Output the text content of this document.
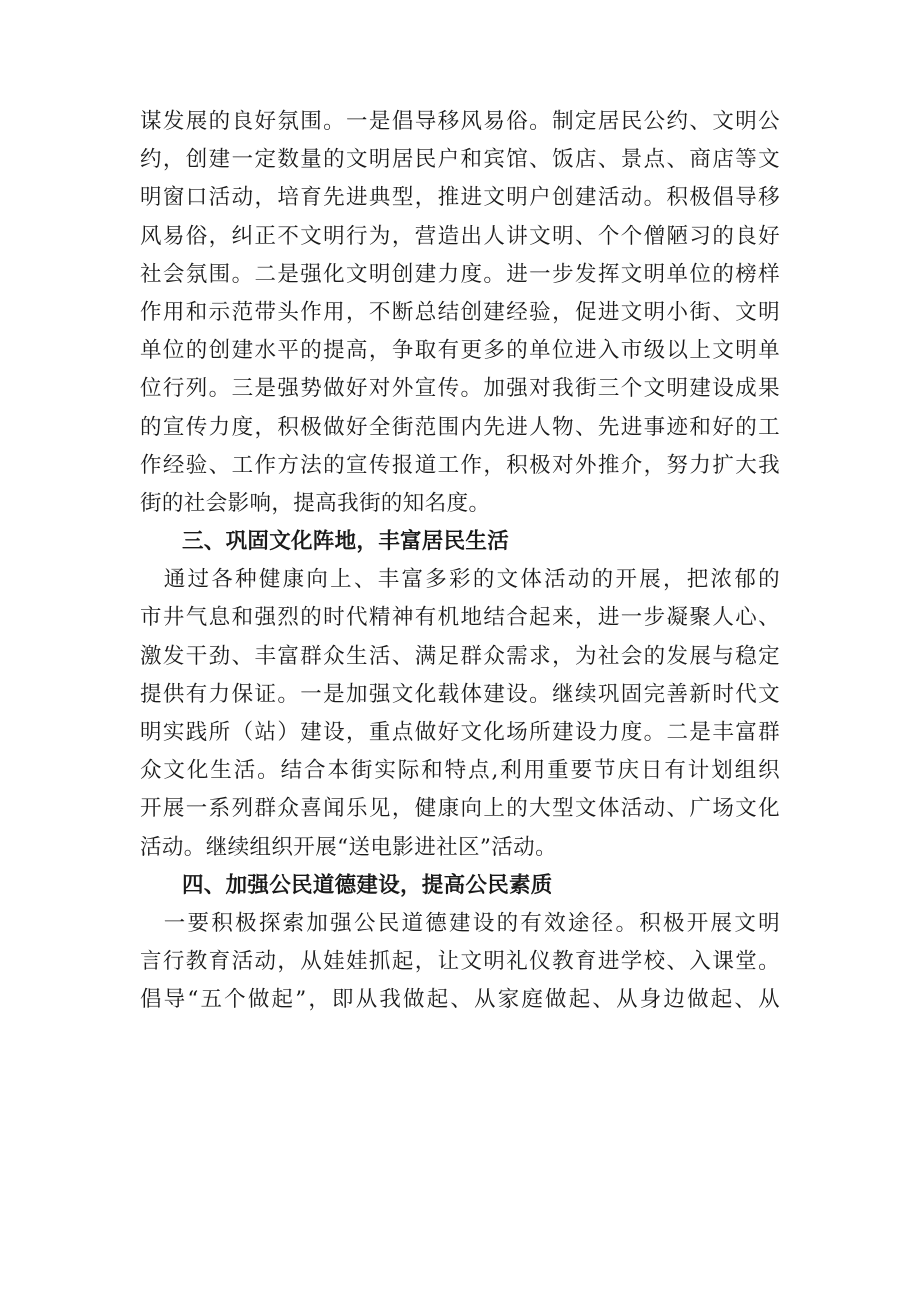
谋发展的良好氛围。一是倡导移风易俗。制定居民公约、文明公
约，创建一定数量的文明居民户和宾馆、饭店、景点、商店等文
明窗口活动，培育先进典型，推进文明户创建活动。积极倡导移
风易俗，纠正不文明行为，营造出人讲文明、个个僧陋习的良好
社会氛围。二是强化文明创建力度。进一步发挥文明单位的榜样
作用和示范带头作用，不断总结创建经验，促进文明小街、文明
单位的创建水平的提高，争取有更多的单位进入市级以上文明单
位行列。三是强势做好对外宣传。加强对我街三个文明建设成果
的宣传力度，积极做好全街范围内先进人物、先进事迹和好的工
作经验、工作方法的宣传报道工作，积极对外推介，努力扩大我
街的社会影响，提高我街的知名度。
三、巩固文化阵地，丰富居民生活
　通过各种健康向上、丰富多彩的文体活动的开展，把浓郁的
市井气息和强烈的时代精神有机地结合起来，进一步凝聚人心、
激发干劲、丰富群众生活、满足群众需求，为社会的发展与稳定
提供有力保证。一是加强文化载体建设。继续巩固完善新时代文
明实践所（站）建设，重点做好文化场所建设力度。二是丰富群
众文化生活。结合本街实际和特点,利用重要节庆日有计划组织
开展一系列群众喜闻乐见，健康向上的大型文体活动、广场文化
活动。继续组织开展“送电影进社区”活动。
四、加强公民道德建设，提高公民素质
　一要积极探索加强公民道德建设的有效途径。积极开展文明
言行教育活动，从娃娃抓起，让文明礼仪教育进学校、入课堂。
倡导“五个做起”，即从我做起、从家庭做起、从身边做起、从
